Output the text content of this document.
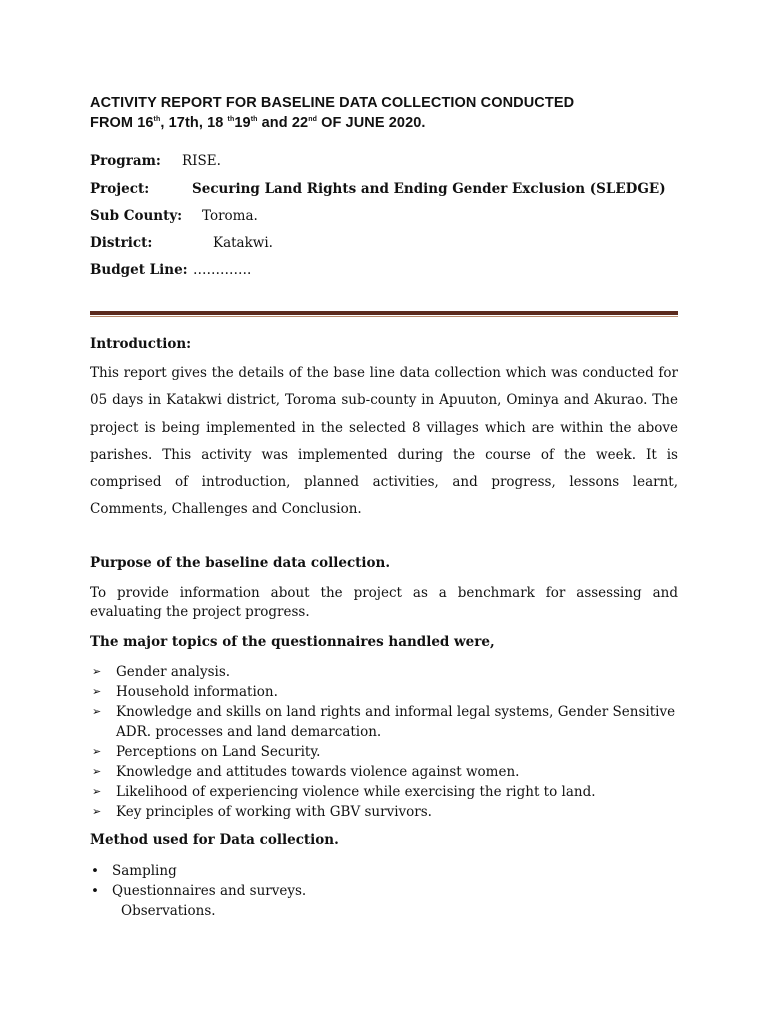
ACTIVITY REPORT FOR BASELINE DATA COLLECTION CONDUCTED
FROM 16th, 17th, 18 $^{th}$19th and 22nd OF JUNE 2020.
Program: RISE.
Project:	Securing Land Rights and Ending Gender Exclusion (SLEDGE)
Sub County: Toroma.
District:	Katakwi.
Budget Line: ………….
Introduction:
This report gives the details of the base line data collection which was conducted for 05 days in Katakwi district, Toroma sub-county in Apuuton, Ominya and Akurao. The project is being implemented in the selected 8 villages which are within the above parishes. This activity was implemented during the course of the week. It is comprised of introduction, planned activities, and progress, lessons learnt, Comments, Challenges and Conclusion.
Purpose of the baseline data collection.
To provide information about the project as a benchmark for assessing and evaluating the project progress.
The major topics of the questionnaires handled were,
➢ Gender analysis.
➢ Household information.
➢ Knowledge and skills on land rights and informal legal systems, Gender Sensitive ADR. processes and land demarcation.
➢ Perceptions on Land Security.
➢ Knowledge and attitudes towards violence against women.
➢ Likelihood of experiencing violence while exercising the right to land.
➢ Key principles of working with GBV survivors.
Method used for Data collection.
• Sampling
• Questionnaires and surveys.
Observations.
